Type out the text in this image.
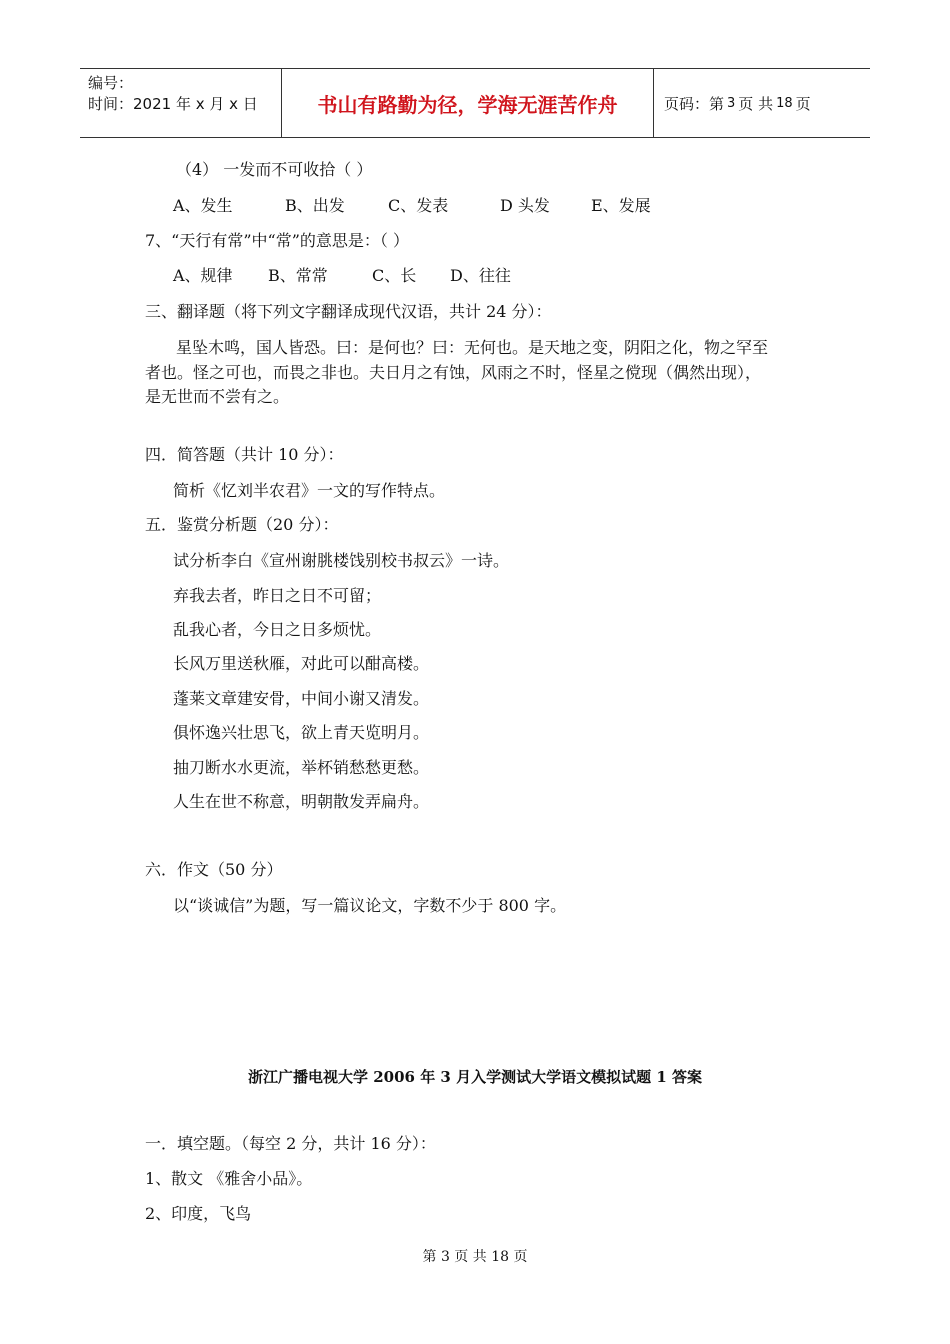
编号：
时间：2021 年 x 月 x 日	书山有路勤为径，学海无涯苦作舟	页码：第 3 页 共 18 页
（4） 一发而不可收拾（ ）
A、发生	B、出发	C、发表	D 头发	E、发展
7、“天行有常”中“常”的意思是：（ ）
A、规律 B、常常	C、长 D、往往
三、翻译题（将下列文字翻译成现代汉语，共计 24 分）：
星坠木鸣，国人皆恐。曰：是何也？曰：无何也。是天地之变，阴阳之化，物之罕至
者也。怪之可也，而畏之非也。夫日月之有蚀，风雨之不时，怪星之傥现（偶然出现），
是无世而不尝有之。
四．简答题（共计 10 分）：
简析《忆刘半农君》一文的写作特点。
五．鉴赏分析题（20 分）：
试分析李白《宣州谢朓楼饯别校书叔云》一诗。
弃我去者，昨日之日不可留；
乱我心者，今日之日多烦忧。
长风万里送秋雁，对此可以酣高楼。
蓬莱文章建安骨，中间小谢又清发。
俱怀逸兴壮思飞，欲上青天览明月。
抽刀断水水更流，举杯销愁愁更愁。
人生在世不称意，明朝散发弄扁舟。
六．作文（50 分）
以“谈诚信”为题，写一篇议论文，字数不少于 800 字。
浙江广播电视大学 2006 年 3 月入学测试大学语文模拟试题 1 答案
一．填空题。（每空 2 分，共计 16 分）：
1、散文 《雅舍小品》。
2、印度，飞鸟
第 3 页 共 18 页
